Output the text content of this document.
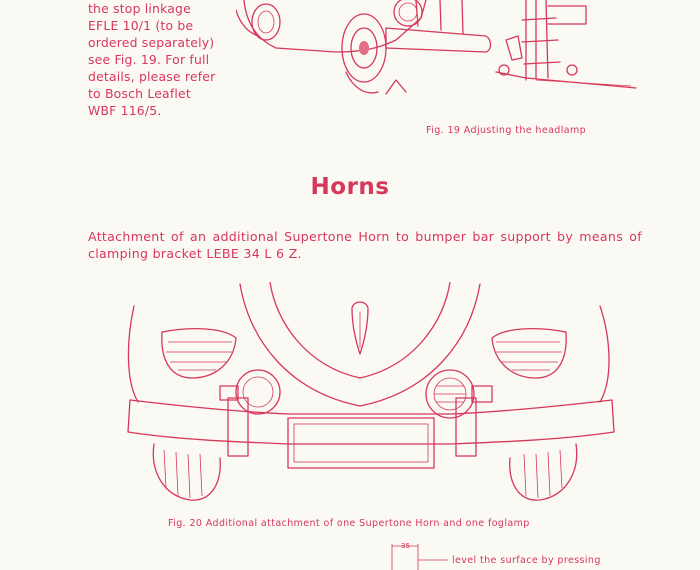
the stop linkage
EFLE 10/1 (to be
ordered separately)
see Fig. 19. For full
details, please refer
to Bosch Leaflet
WBF 116/5.
Fig. 19 Adjusting the headlamp
Horns
Attachment of an additional Supertone Horn to bumper bar support by means of
clamping bracket LEBE 34 L 6 Z.
Fig. 20 Additional attachment of one Supertone Horn and one foglamp
35
level the surface by pressing
